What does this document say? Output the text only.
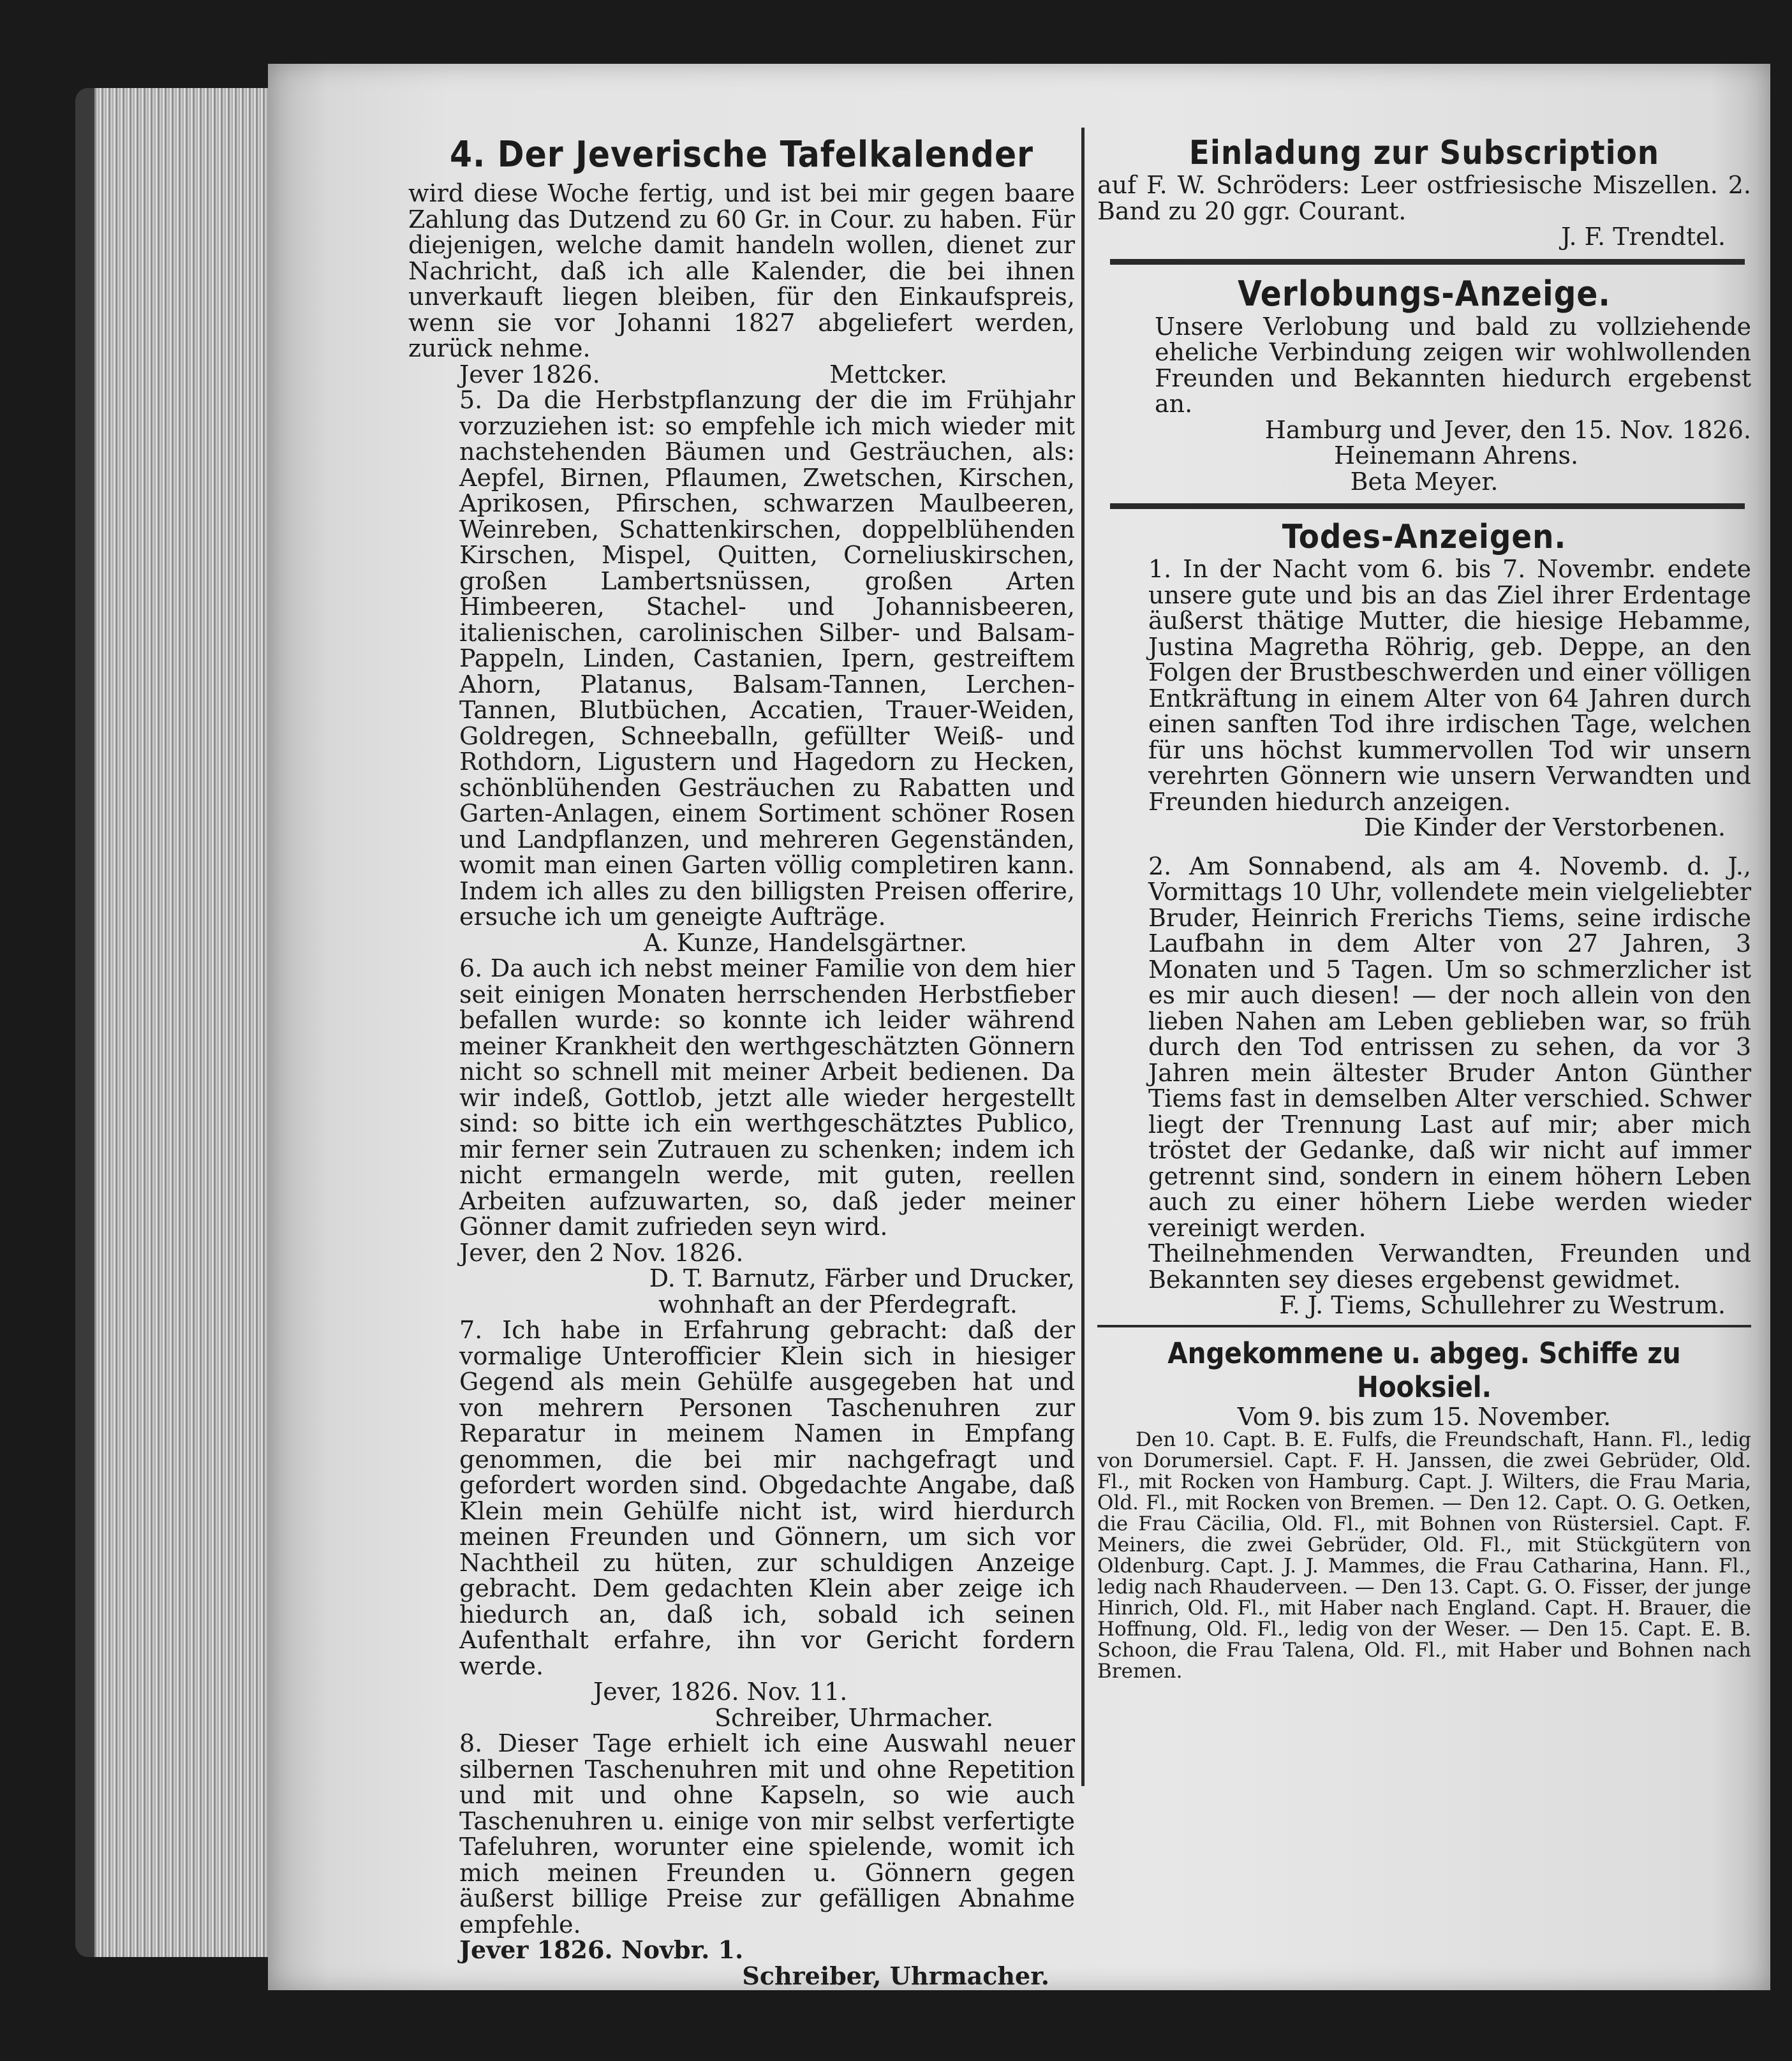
4. Der Jeverische Tafelkalender

wird diese Woche fertig, und ist bei mir gegen baare Zahlung das Dutzend zu 60 Gr. in Cour. zu haben. Für diejenigen, welche damit handeln wollen, dienet zur Nachricht, daß ich alle Kalender, die bei ihnen unverkauft liegen bleiben, für den Einkaufspreis, wenn sie vor Johanni 1827 abgeliefert werden, zurück nehme.

Jever 1826.	Mettcker.

5. Da die Herbstpflanzung der die im Frühjahr vorzuziehen ist: so empfehle ich mich wieder mit nachstehenden Bäumen und Gesträuchen, als: Aepfel, Birnen, Pflaumen, Zwetschen, Kirschen, Aprikosen, Pfirschen, schwarzen Maulbeeren, Weinreben, Schattenkirschen, doppelblühenden Kirschen, Mispel, Quitten, Corneliuskirschen, großen Lambertsnüssen, großen Arten Himbeeren, Stachel- und Johannisbeeren, italienischen, carolinischen Silber- und Balsam-Pappeln, Linden, Castanien, Ipern, gestreiftem Ahorn, Platanus, Balsam-Tannen, Lerchen-Tannen, Blutbüchen, Accatien, Trauer-Weiden, Goldregen, Schneeballn, gefüllter Weiß- und Rothdorn, Ligustern und Hagedorn zu Hecken, schönblühenden Gesträuchen zu Rabatten und Garten-Anlagen, einem Sortiment schöner Rosen und Landpflanzen, und mehreren Gegenständen, womit man einen Garten völlig completiren kann. Indem ich alles zu den billigsten Preisen offerire, ersuche ich um geneigte Aufträge.

A. Kunze, Handelsgärtner.

6. Da auch ich nebst meiner Familie von dem hier seit einigen Monaten herrschenden Herbstfieber befallen wurde: so konnte ich leider während meiner Krankheit den werthgeschätzten Gönnern nicht so schnell mit meiner Arbeit bedienen. Da wir indeß, Gottlob, jetzt alle wieder hergestellt sind: so bitte ich ein werthgeschätztes Publico, mir ferner sein Zutrauen zu schenken; indem ich nicht ermangeln werde, mit guten, reellen Arbeiten aufzuwarten, so, daß jeder meiner Gönner damit zufrieden seyn wird.

Jever, den 2 Nov. 1826.

D. T. Barnutz, Färber und Drucker,

wohnhaft an der Pferdegraft.

7. Ich habe in Erfahrung gebracht: daß der vormalige Unterofficier Klein sich in hiesiger Gegend als mein Gehülfe ausgegeben hat und von mehrern Personen Taschenuhren zur Reparatur in meinem Namen in Empfang genommen, die bei mir nachgefragt und gefordert worden sind. Obgedachte Angabe, daß Klein mein Gehülfe nicht ist, wird hierdurch meinen Freunden und Gönnern, um sich vor Nachtheil zu hüten, zur schuldigen Anzeige gebracht. Dem gedachten Klein aber zeige ich hiedurch an, daß ich, sobald ich seinen Aufenthalt erfahre, ihn vor Gericht fordern werde.

Jever, 1826. Nov. 11.

Schreiber, Uhrmacher.

8. Dieser Tage erhielt ich eine Auswahl neuer silbernen Taschenuhren mit und ohne Repetition und mit und ohne Kapseln, so wie auch Taschenuhren u. einige von mir selbst verfertigte Tafeluhren, worunter eine spielende, womit ich mich meinen Freunden u. Gönnern gegen äußerst billige Preise zur gefälligen Abnahme empfehle.

Jever 1826. Novbr. 1.

Schreiber, Uhrmacher.

Einladung zur Subscription

auf F. W. Schröders: Leer ostfriesische Miszellen. 2. Band zu 20 ggr. Courant.

J. F. Trendtel.

Verlobungs-Anzeige.

Unsere Verlobung und bald zu vollziehende eheliche Verbindung zeigen wir wohlwollenden Freunden und Bekannten hiedurch ergebenst an.

Hamburg und Jever, den 15. Nov. 1826.

Heinemann Ahrens.

Beta Meyer.

Todes-Anzeigen.

1. In der Nacht vom 6. bis 7. Novembr. endete unsere gute und bis an das Ziel ihrer Erdentage äußerst thätige Mutter, die hiesige Hebamme, Justina Magretha Röhrig, geb. Deppe, an den Folgen der Brustbeschwerden und einer völligen Entkräftung in einem Alter von 64 Jahren durch einen sanften Tod ihre irdischen Tage, welchen für uns höchst kummervollen Tod wir unsern verehrten Gönnern wie unsern Verwandten und Freunden hiedurch anzeigen.

Die Kinder der Verstorbenen.

2. Am Sonnabend, als am 4. Novemb. d. J., Vormittags 10 Uhr, vollendete mein vielgeliebter Bruder, Heinrich Frerichs Tiems, seine irdische Laufbahn in dem Alter von 27 Jahren, 3 Monaten und 5 Tagen. Um so schmerzlicher ist es mir auch diesen! — der noch allein von den lieben Nahen am Leben geblieben war, so früh durch den Tod entrissen zu sehen, da vor 3 Jahren mein ältester Bruder Anton Günther Tiems fast in demselben Alter verschied. Schwer liegt der Trennung Last auf mir; aber mich tröstet der Gedanke, daß wir nicht auf immer getrennt sind, sondern in einem höhern Leben auch zu einer höhern Liebe werden wieder vereinigt werden.

Theilnehmenden Verwandten, Freunden und Bekannten sey dieses ergebenst gewidmet.

F. J. Tiems, Schullehrer zu Westrum.

Angekommene u. abgeg. Schiffe zu Hooksiel.

Vom 9. bis zum 15. November.

Den 10. Capt. B. E. Fulfs, die Freundschaft, Hann. Fl., ledig von Dorumersiel. Capt. F. H. Janssen, die zwei Gebrüder, Old. Fl., mit Rocken von Hamburg. Capt. J. Wilters, die Frau Maria, Old. Fl., mit Rocken von Bremen. — Den 12. Capt. O. G. Oetken, die Frau Cäcilia, Old. Fl., mit Bohnen von Rüstersiel. Capt. F. Meiners, die zwei Gebrüder, Old. Fl., mit Stückgütern von Oldenburg. Capt. J. J. Mammes, die Frau Catharina, Hann. Fl., ledig nach Rhauderveen. — Den 13. Capt. G. O. Fisser, der junge Hinrich, Old. Fl., mit Haber nach England. Capt. H. Brauer, die Hoffnung, Old. Fl., ledig von der Weser. — Den 15. Capt. E. B. Schoon, die Frau Talena, Old. Fl., mit Haber und Bohnen nach Bremen.
